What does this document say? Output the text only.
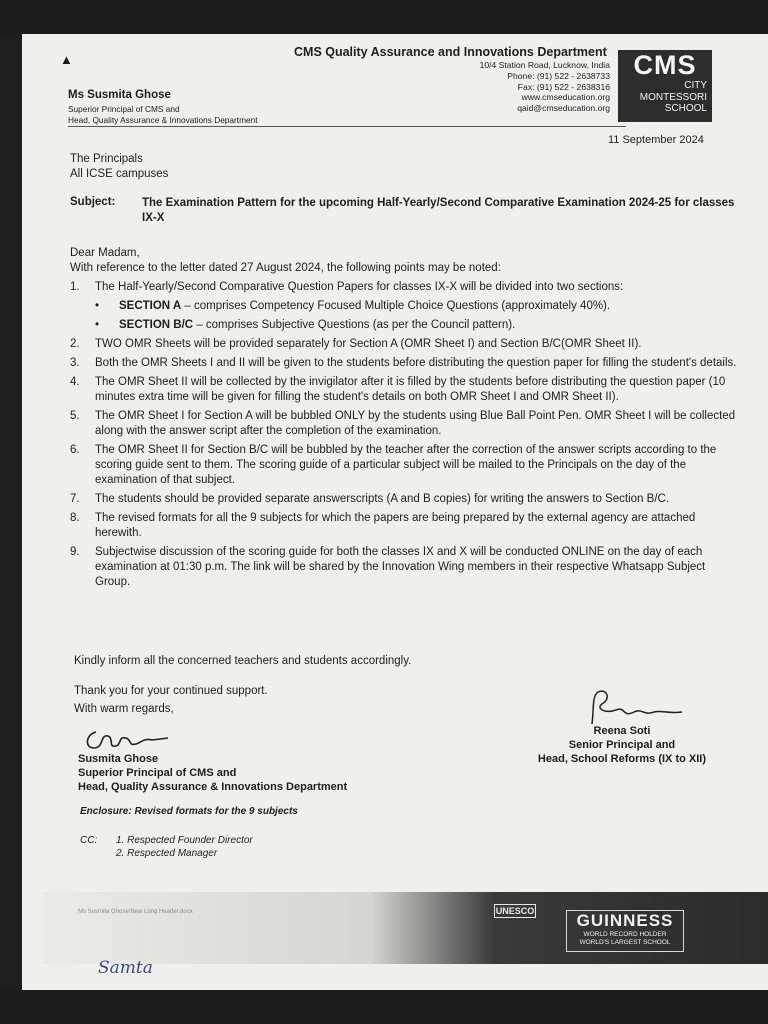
▲	CMS Quality Assurance and Innovations Department
10/4 Station Road, Lucknow, India
Phone: (91) 522 - 2638733
Fax: (91) 522 - 2638316
www.cmseducation.org
qaid@cmseducation.org
CMS
CITY
MONTESSORI
SCHOOL
Ms Susmita Ghose
Superior Principal of CMS and
Head, Quality Assurance & Innovations Department
11 September 2024
The Principals
All ICSE campuses
Subject: The Examination Pattern for the upcoming Half-Yearly/Second Comparative Examination 2024-25 for classes IX-X

Dear Madam,

With reference to the letter dated 27 August 2024, the following points may be noted:

1.	The Half-Yearly/Second Comparative Question Papers for classes IX-X will be divided into two sections:
•	SECTION A – comprises Competency Focused Multiple Choice Questions (approximately 40%).
•	SECTION B/C – comprises Subjective Questions (as per the Council pattern).
2.	TWO OMR Sheets will be provided separately for Section A (OMR Sheet I) and Section B/C(OMR Sheet II).
3.	Both the OMR Sheets I and II will be given to the students before distributing the question paper for filling the student's details.
4.	The OMR Sheet II will be collected by the invigilator after it is filled by the students before distributing the question paper (10 minutes extra time will be given for filling the student's details on both OMR Sheet I and OMR Sheet II).
5.	The OMR Sheet I for Section A will be bubbled ONLY by the students using Blue Ball Point Pen. OMR Sheet I will be collected along with the answer script after the completion of the examination.
6.	The OMR Sheet II for Section B/C will be bubbled by the teacher after the correction of the answer scripts according to the scoring guide sent to them. The scoring guide of a particular subject will be mailed to the Principals on the day of the examination of that subject.
7.	The students should be provided separate answerscripts (A and B copies) for writing the answers to Section B/C.
8.	The revised formats for all the 9 subjects for which the papers are being prepared by the external agency are attached herewith.
9.	Subjectwise discussion of the scoring guide for both the classes IX and X will be conducted ONLINE on the day of each examination at 01:30 p.m. The link will be shared by the Innovation Wing members in their respective Whatsapp Subject Group.
Kindly inform all the concerned teachers and students accordingly.
Thank you for your continued support.
With warm regards,
Susmita Ghose
Superior Principal of CMS and
Head, Quality Assurance & Innovations Department
Reena Soti
Senior Principal and
Head, School Reforms (IX to XII)
Enclosure: Revised formats for the 9 subjects
CC: 1. Respected Founder Director
2. Respected Manager
Ms Susmita Ghose\New Long Header.docx	UNESCO	GUINNESS
WORLD RECORD HOLDER
WORLD'S LARGEST SCHOOL
Samta
